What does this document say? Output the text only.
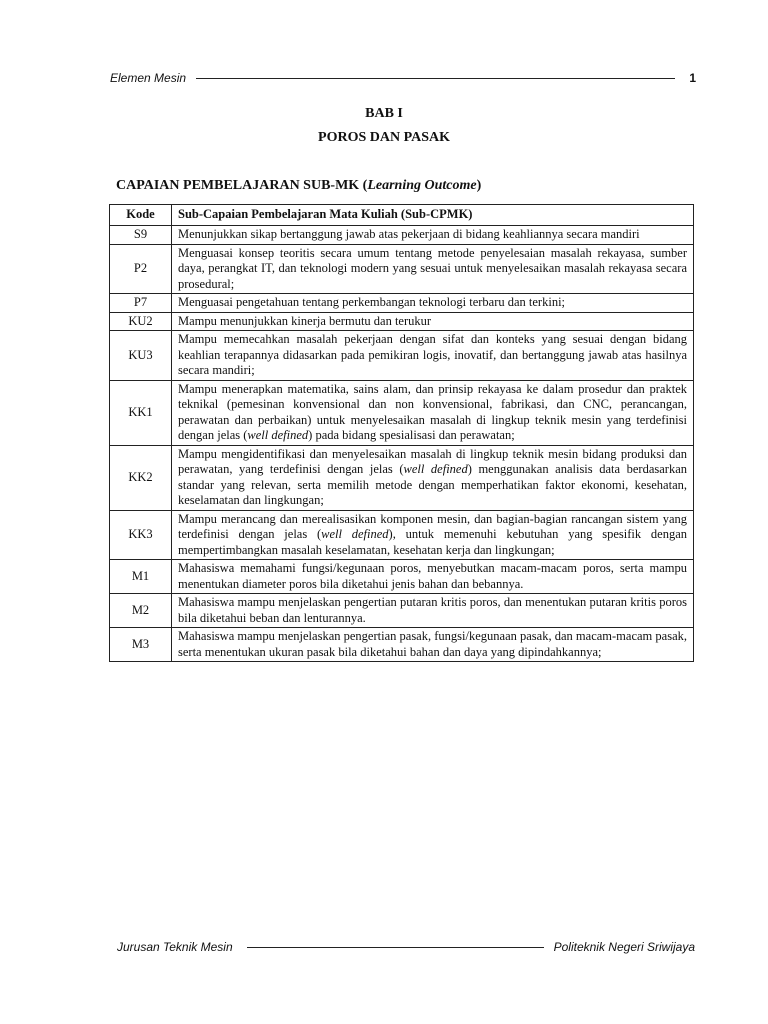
Elemen Mesin	1
BAB I
POROS DAN PASAK
CAPAIAN PEMBELAJARAN SUB-MK (Learning Outcome)
Kode	Sub-Capaian Pembelajaran Mata Kuliah (Sub-CPMK)
S9	Menunjukkan sikap bertanggung jawab atas pekerjaan di bidang keahliannya secara mandiri
P2	Menguasai konsep teoritis secara umum tentang metode penyelesaian masalah rekayasa, sumber daya, perangkat IT, dan teknologi modern yang sesuai untuk menyelesaikan masalah rekayasa secara prosedural;
P7	Menguasai pengetahuan tentang perkembangan teknologi terbaru dan terkini;
KU2	Mampu menunjukkan kinerja bermutu dan terukur
KU3	Mampu memecahkan masalah pekerjaan dengan sifat dan konteks yang sesuai dengan bidang keahlian terapannya didasarkan pada pemikiran logis, inovatif, dan bertanggung jawab atas hasilnya secara mandiri;
KK1	Mampu menerapkan matematika, sains alam, dan prinsip rekayasa ke dalam prosedur dan praktek teknikal (pemesinan konvensional dan non konvensional, fabrikasi, dan CNC, perancangan, perawatan dan perbaikan) untuk menyelesaikan masalah di lingkup teknik mesin yang terdefinisi dengan jelas (well defined) pada bidang spesialisasi dan perawatan;
KK2	Mampu mengidentifikasi dan menyelesaikan masalah di lingkup teknik mesin bidang produksi dan perawatan, yang terdefinisi dengan jelas (well defined) menggunakan analisis data berdasarkan standar yang relevan, serta memilih metode dengan memperhatikan faktor ekonomi, kesehatan, keselamatan dan lingkungan;
KK3	Mampu merancang dan merealisasikan komponen mesin, dan bagian-bagian rancangan sistem yang terdefinisi dengan jelas (well defined), untuk memenuhi kebutuhan yang spesifik dengan mempertimbangkan masalah keselamatan, kesehatan kerja dan lingkungan;
M1	Mahasiswa memahami fungsi/kegunaan poros, menyebutkan macam-macam poros, serta mampu menentukan diameter poros bila diketahui jenis bahan dan bebannya.
M2	Mahasiswa mampu menjelaskan pengertian putaran kritis poros, dan menentukan putaran kritis poros bila diketahui beban dan lenturannya.
M3	Mahasiswa mampu menjelaskan pengertian pasak, fungsi/kegunaan pasak, dan macam-macam pasak, serta menentukan ukuran pasak bila diketahui bahan dan daya yang dipindahkannya;
Jurusan Teknik Mesin	Politeknik Negeri Sriwijaya
